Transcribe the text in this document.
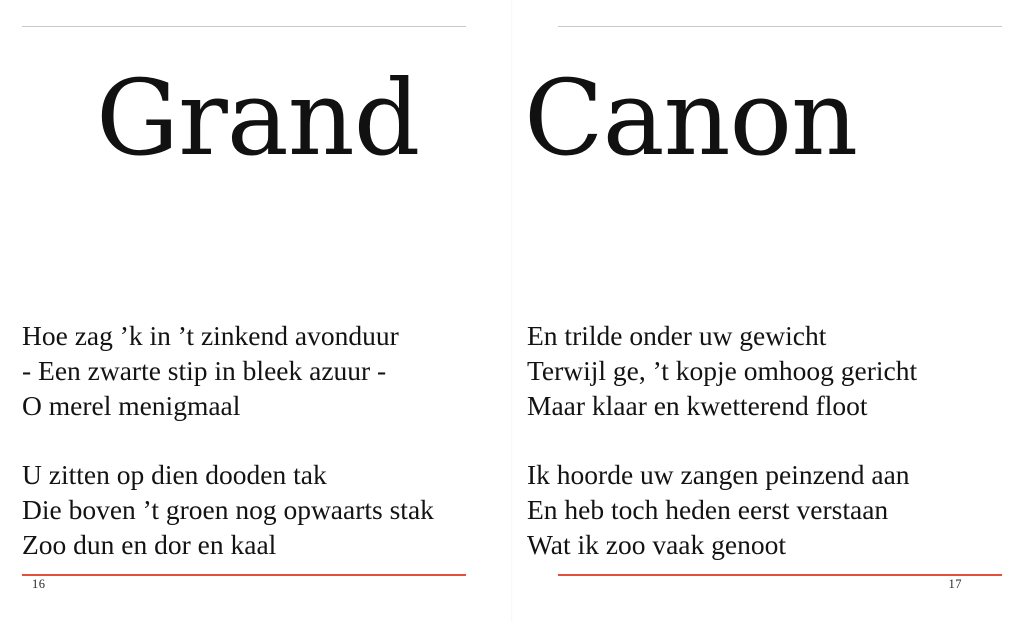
Grand
Hoe zag ’k in ’t zinkend avonduur
- Een zwarte stip in bleek azuur -
O merel menigmaal
U zitten op dien dooden tak
Die boven ’t groen nog opwaarts stak
Zoo dun en dor en kaal
16
Canon
En trilde onder uw gewicht
Terwijl ge, ’t kopje omhoog gericht
Maar klaar en kwetterend floot
Ik hoorde uw zangen peinzend aan
En heb toch heden eerst verstaan
Wat ik zoo vaak genoot
17
